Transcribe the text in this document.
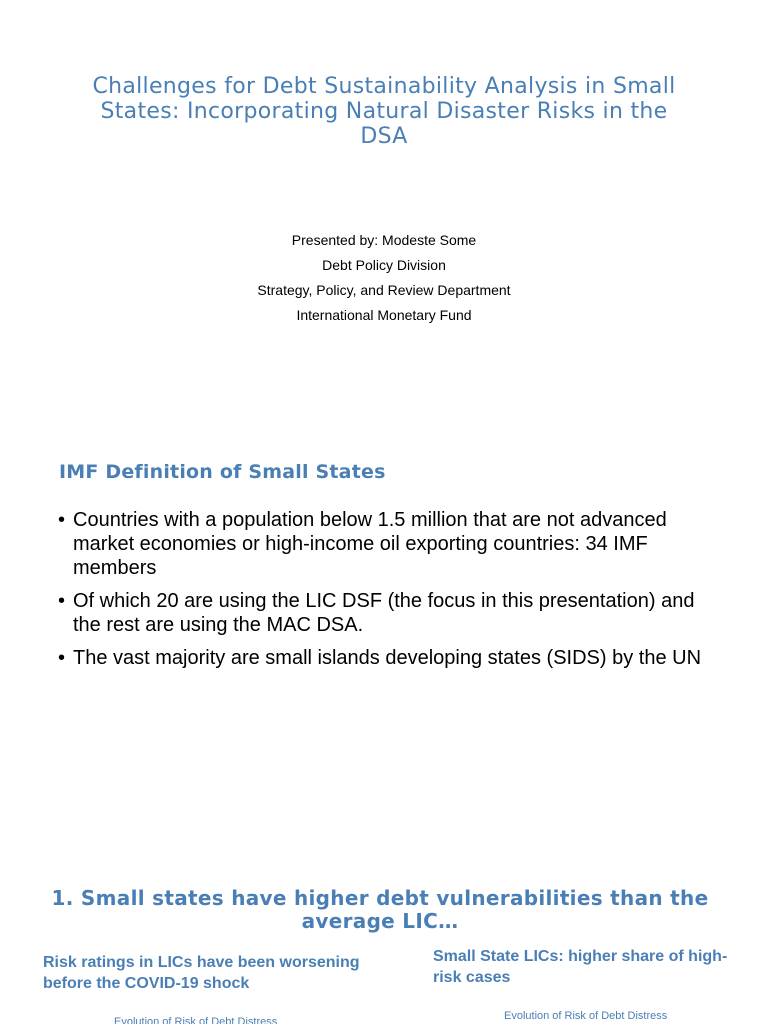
Challenges for Debt Sustainability Analysis in Small States: Incorporating Natural Disaster Risks in the DSA
Presented by: Modeste Some
Debt Policy Division
Strategy, Policy, and Review Department
International Monetary Fund
IMF Definition of Small States
• Countries with a population below 1.5 million that are not advanced market economies or high-income oil exporting countries: 34 IMF members
• Of which 20 are using the LIC DSF (the focus in this presentation) and the rest are using the MAC DSA.
• The vast majority are small islands developing states (SIDS) by the UN
1. Small states have higher debt vulnerabilities than the average LIC…
Risk ratings in LICs have been worsening before the COVID-19 shock
Small State LICs: higher share of high-risk cases
Evolution of Risk of Debt Distress	Evolution of Risk of Debt Distress
